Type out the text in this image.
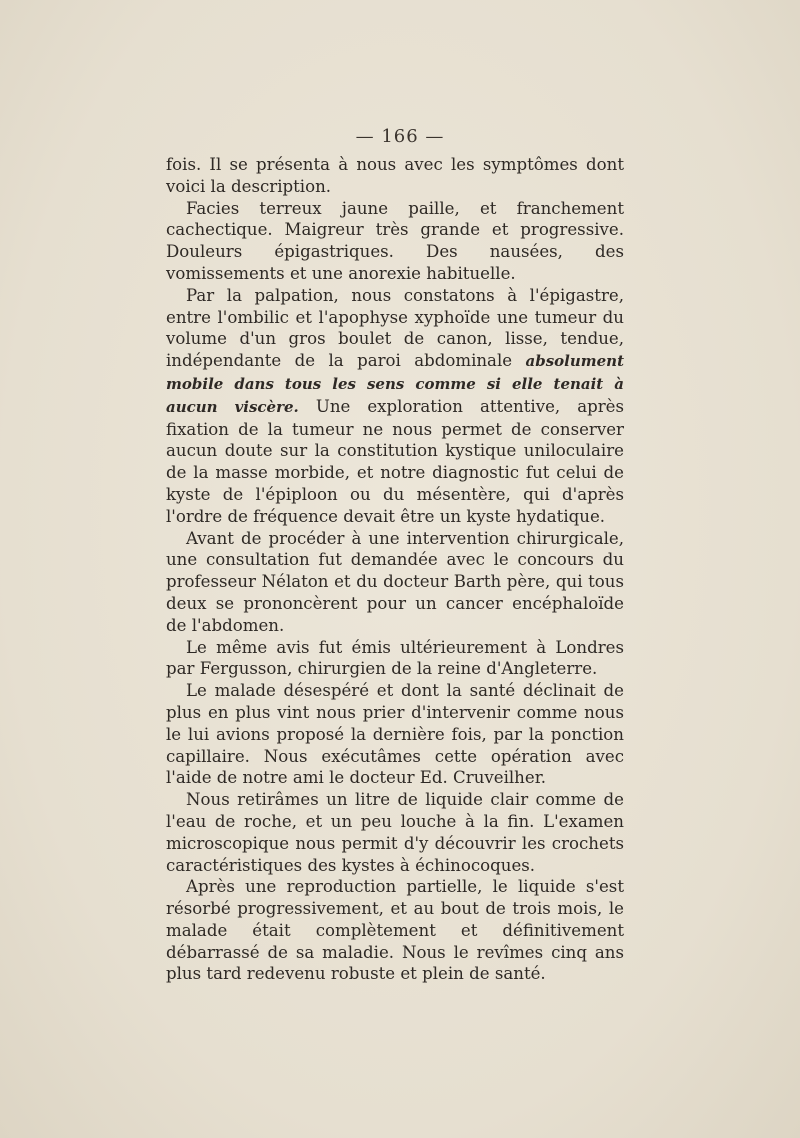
— 166 —

fois. Il se présenta à nous avec les symptômes dont voici la description.

Facies terreux jaune paille, et franchement cachectique. Maigreur très grande et progressive. Douleurs épigastriques. Des nausées, des vomissements et une anorexie habituelle.

Par la palpation, nous constatons à l'épigastre, entre l'ombilic et l'apophyse xyphoïde une tumeur du volume d'un gros boulet de canon, lisse, tendue, indépendante de la paroi abdominale absolument mobile dans tous les sens comme si elle tenait à aucun viscère. Une exploration attentive, après fixation de la tumeur ne nous permet de conserver aucun doute sur la constitution kystique uniloculaire de la masse morbide, et notre diagnostic fut celui de kyste de l'épiploon ou du mésentère, qui d'après l'ordre de fréquence devait être un kyste hydatique.

Avant de procéder à une intervention chirurgicale, une consultation fut demandée avec le concours du professeur Nélaton et du docteur Barth père, qui tous deux se prononcèrent pour un cancer encéphaloïde de l'abdomen.

Le même avis fut émis ultérieurement à Londres par Fergusson, chirurgien de la reine d'Angleterre.

Le malade désespéré et dont la santé déclinait de plus en plus vint nous prier d'intervenir comme nous le lui avions proposé la dernière fois, par la ponction capillaire. Nous exécutâmes cette opération avec l'aide de notre ami le docteur Ed. Cruveilher.

Nous retirâmes un litre de liquide clair comme de l'eau de roche, et un peu louche à la fin. L'examen microscopique nous permit d'y découvrir les crochets caractéristiques des kystes à échinocoques.

Après une reproduction partielle, le liquide s'est résorbé progressivement, et au bout de trois mois, le malade était complètement et définitivement débarrassé de sa maladie. Nous le revîmes cinq ans plus tard redevenu robuste et plein de santé.
